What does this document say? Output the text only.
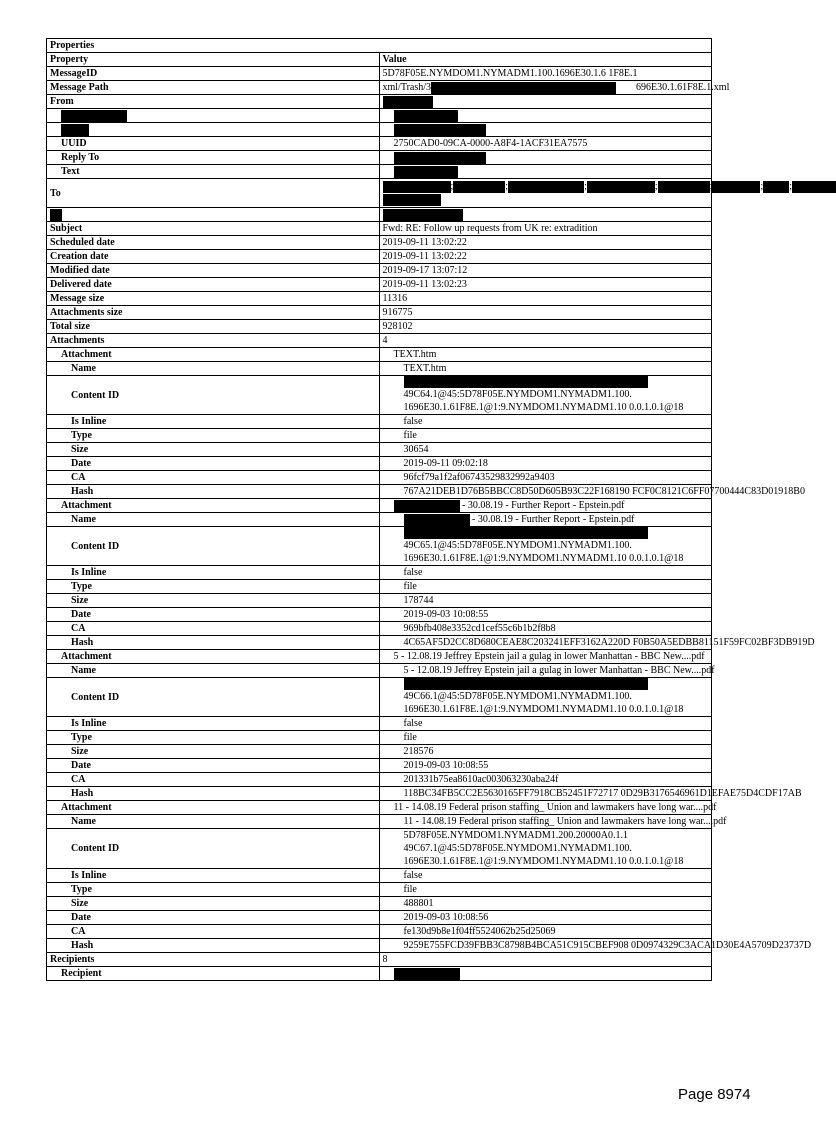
Properties	
Property	Value
MessageID	5D78F05E.NYMDOM1.NYMADM1.100.1696E30.1.6 1F8E.1
Message Path	xml/Trash/3 696E30.1.61F8E.1.xml
From	

UUID	2750CAD0-09CA-0000-A8F4-1ACF31EA7575
Reply To	
Text	
To	; ; ; ; ; ; ;

Subject	Fwd: RE: Follow up requests from UK re: extradition
Scheduled date	2019-09-11 13:02:22
Creation date	2019-09-11 13:02:22
Modified date	2019-09-17 13:07:12
Delivered date	2019-09-11 13:02:23
Message size	11316
Attachments size	916775
Total size	928102
Attachments	4
Attachment	TEXT.htm
Name	TEXT.htm
Content ID	49C64.1@45:5D78F05E.NYMDOM1.NYMADM1.100.
1696E30.1.61F8E.1@1:9.NYMDOM1.NYMADM1.10 0.0.1.0.1@18
Is Inline	false
Type	file
Size	30654
Date	2019-09-11 09:02:18
CA	96fcf79a1f2af06743529832992a9403
Hash	767A21DEB1D76B5BBCC8D50D605B93C22F168190 FCF0C8121C6FF07700444C83D01918B0
Attachment	- 30.08.19 - Further Report - Epstein.pdf
Name	- 30.08.19 - Further Report - Epstein.pdf
Content ID	49C65.1@45:5D78F05E.NYMDOM1.NYMADM1.100.
1696E30.1.61F8E.1@1:9.NYMDOM1.NYMADM1.10 0.0.1.0.1@18
Is Inline	false
Type	file
Size	178744
Date	2019-09-03 10:08:55
CA	969bfb408e3352cd1cef55c6b1b2f8b8
Hash	4C65AF5D2CC8D680CEAE8C203241EFF3162A220D F0B50A5EDBB81151F59FC02BF3DB919D
Attachment	5 - 12.08.19 Jeffrey Epstein jail a gulag in lower Manhattan - BBC New....pdf
Name	5 - 12.08.19 Jeffrey Epstein jail a gulag in lower Manhattan - BBC New....pdf
Content ID	49C66.1@45:5D78F05E.NYMDOM1.NYMADM1.100.
1696E30.1.61F8E.1@1:9.NYMDOM1.NYMADM1.10 0.0.1.0.1@18
Is Inline	false
Type	file
Size	218576
Date	2019-09-03 10:08:55
CA	201331b75ea8610ac003063230aba24f
Hash	118BC34FB5CC2E5630165FF7918CB52451F72717 0D29B3176546961D1EFAE75D4CDF17AB
Attachment	11 - 14.08.19 Federal prison staffing_ Union and lawmakers have long war....pdf
Name	11 - 14.08.19 Federal prison staffing_ Union and lawmakers have long war....pdf
Content ID	5D78F05E.NYMDOM1.NYMADM1.200.20000A0.1.1
49C67.1@45:5D78F05E.NYMDOM1.NYMADM1.100.
1696E30.1.61F8E.1@1:9.NYMDOM1.NYMADM1.10 0.0.1.0.1@18
Is Inline	false
Type	file
Size	488801
Date	2019-09-03 10:08:56
CA	fe130d9b8e1f04ff5524062b25d25069
Hash	9259E755FCD39FBB3C8798B4BCA51C915CBEF908 0D0974329C3ACA1D30E4A5709D23737D
Recipients	8
Recipient	
Page 8974
